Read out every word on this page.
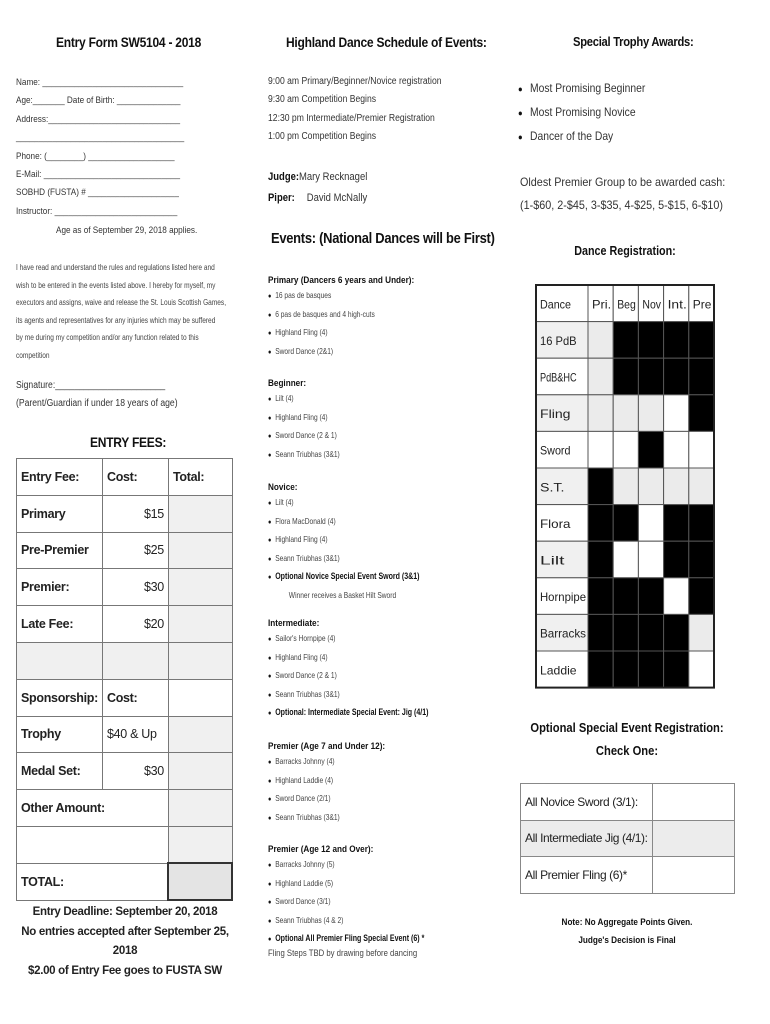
Entry Form SW5104 - 2018
Name: _______________________________
Age:_______ Date of Birth: ______________
Address:_____________________________
_____________________________________
Phone: (________) ___________________
E-Mail: ______________________________
SOBHD (FUSTA) # ____________________
Instructor: ___________________________
Age as of September 29, 2018 applies.
I have read and understand the rules and regulations listed here and
wish to be entered in the events listed above. I hereby for myself, my
executors and assigns, waive and release the St. Louis Scottish Games,
its agents and representatives for any injuries which may be suffered
by me during my competition and/or any function related to this
competition
Signature:_______________________
(Parent/Guardian if under 18 years of age)
ENTRY FEES:
Entry Fee:	Cost:	Total:
Primary	$15	
Pre-Premier	$25	
Premier:	$30	
Late Fee:	$20	

Sponsorship:	Cost:	
Trophy	$40 & Up	
Medal Set:	$30	
Other Amount:		

TOTAL:		
Entry Deadline: September 20, 2018
No entries accepted after September 25, 2018
$2.00 of Entry Fee goes to FUSTA SW
Highland Dance Schedule of Events:
9:00 am Primary/Beginner/Novice registration
9:30 am Competition Begins
12:30 pm Intermediate/Premier Registration
1:00 pm Competition Begins
Judge:Mary Recknagel
Piper: David McNally
Events: (National Dances will be First)
Primary (Dancers 6 years and Under):
● 16 pas de basques
● 6 pas de basques and 4 high-cuts
● Highland Fling (4)
● Sword Dance (2&1)
Beginner:
● Lilt (4)
● Highland Fling (4)
● Sword Dance (2 & 1)
● Seann Triubhas (3&1)
Novice:
● Lilt (4)
● Flora MacDonald (4)
● Highland Fling (4)
● Seann Triubhas (3&1)
● Optional Novice Special Event Sword (3&1)
Winner receives a Basket Hilt Sword
Intermediate:
● Sailor's Hornpipe (4)
● Highland Fling (4)
● Sword Dance (2 & 1)
● Seann Triubhas (3&1)
● Optional: Intermediate Special Event: Jig (4/1)
Premier (Age 7 and Under 12):
● Barracks Johnny (4)
● Highland Laddie (4)
● Sword Dance (2/1)
● Seann Triubhas (3&1)
Premier (Age 12 and Over):
● Barracks Johnny (5)
● Highland Laddie (5)
● Sword Dance (3/1)
● Seann Triubhas (4 & 2)
● Optional All Premier Fling Special Event (6) *
Fling Steps TBD by drawing before dancing
Special Trophy Awards:
● Most Promising Beginner
● Most Promising Novice
● Dancer of the Day
Oldest Premier Group to be awarded cash: (1-$60, 2-$45, 3-$35, 4-$25, 5-$15, 6-$10)
Dance Registration:
Dance Pri. Beg Nov Int. Pre
16 PdB
PdB&HC
Fling
Sword
S.T.
Flora
Lilt
Hornpipe
Barracks
Laddie
Optional Special Event Registration:
Check One:
All Novice Sword (3/1):	
All Intermediate Jig (4/1):	
All Premier Fling (6)*	
Note: No Aggregate Points Given.
Judge's Decision is Final
